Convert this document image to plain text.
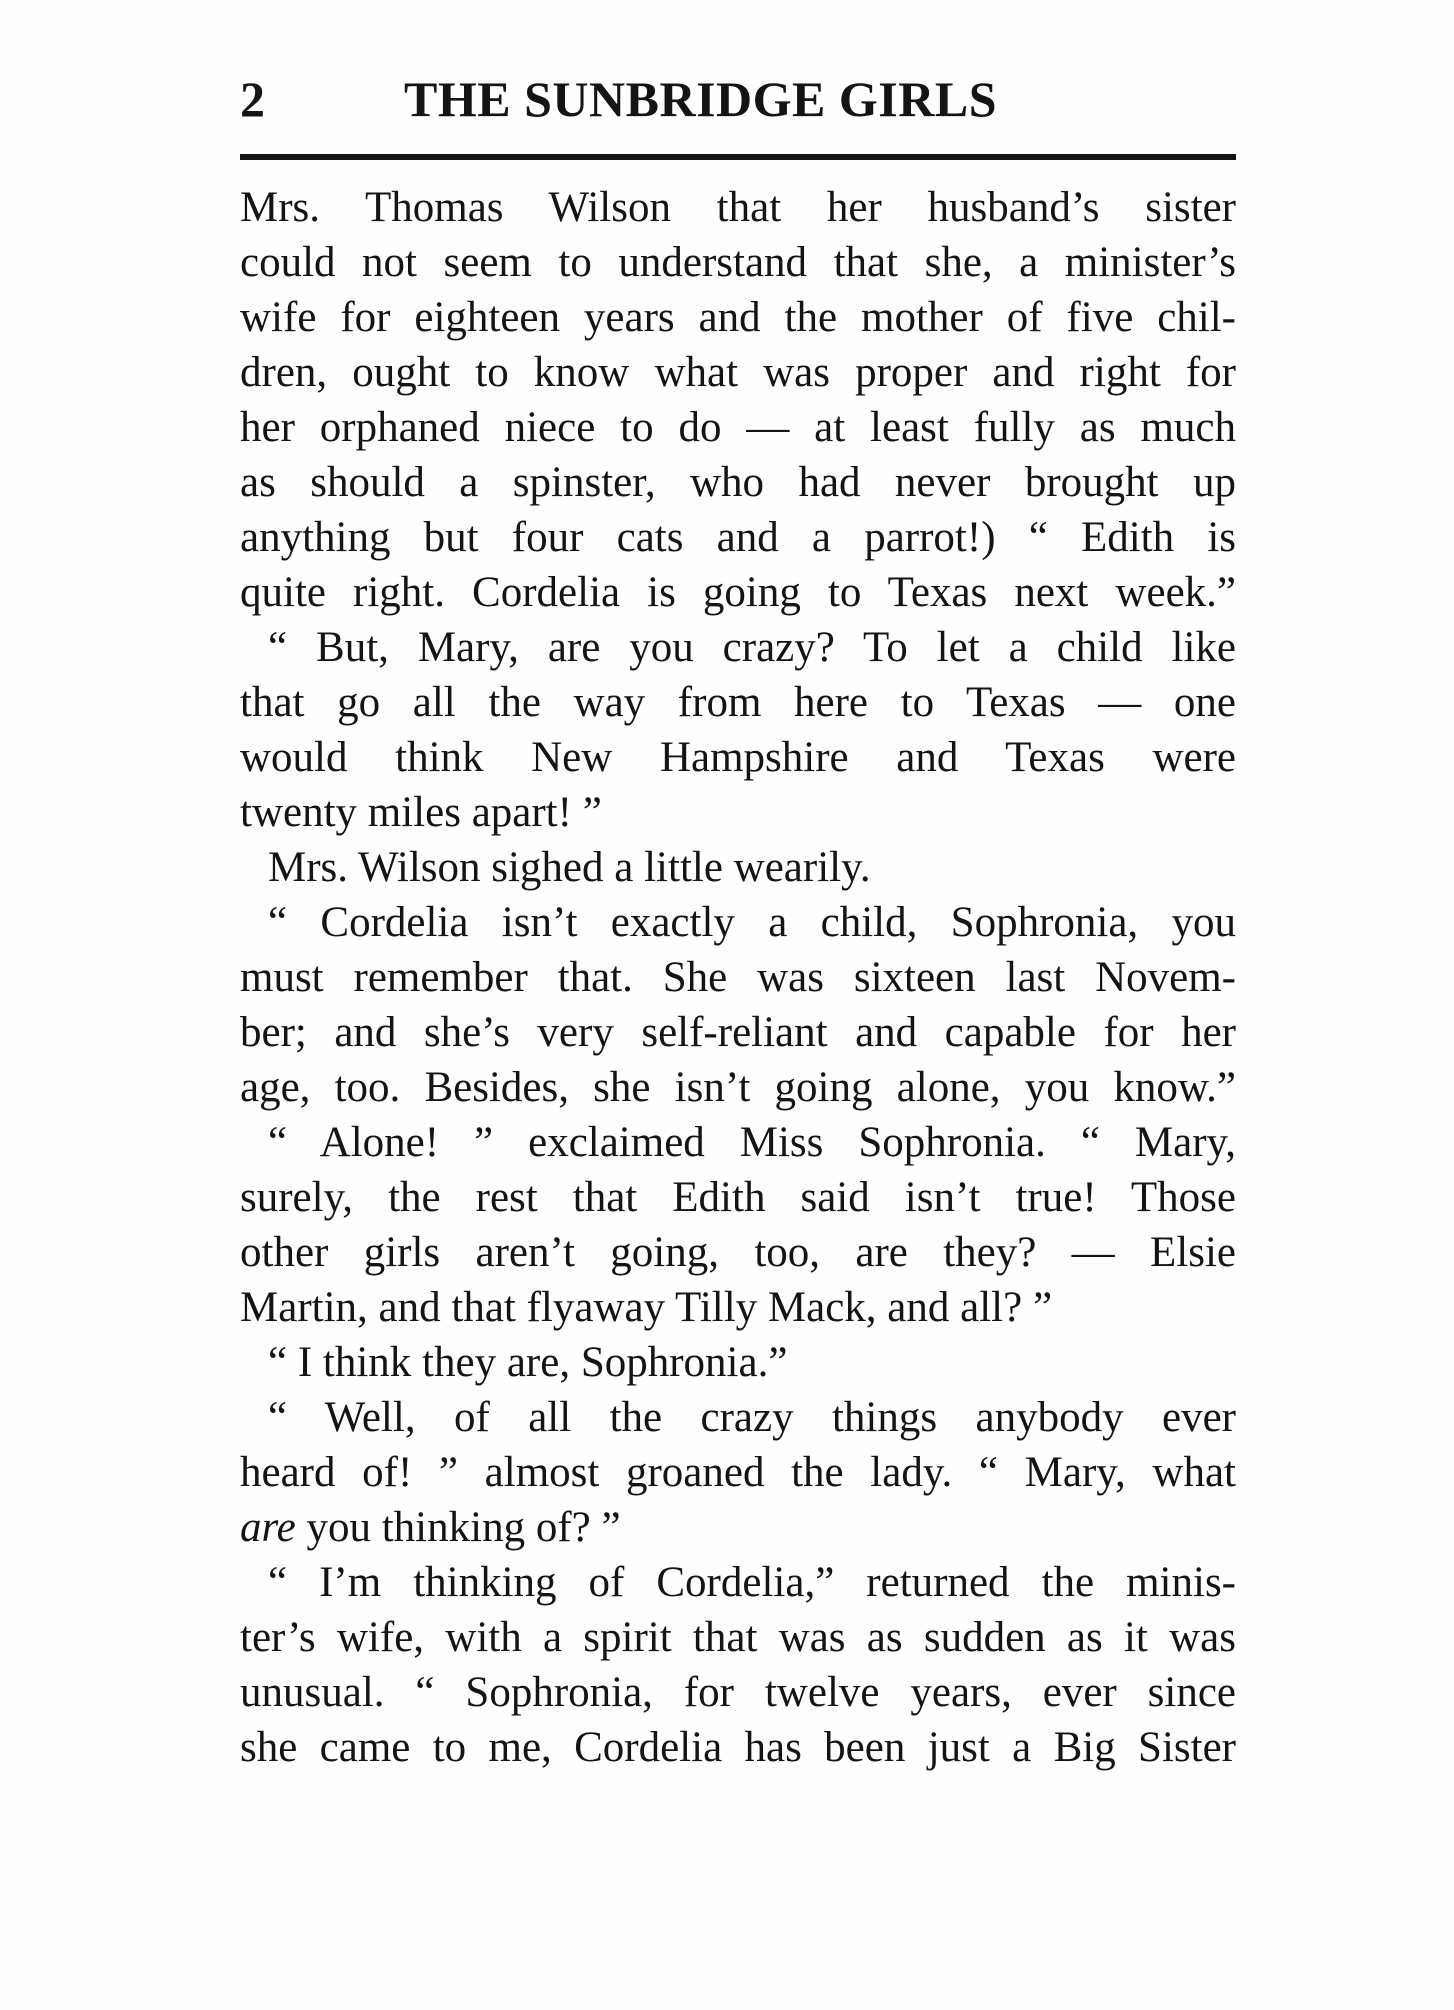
2	THE SUNBRIDGE GIRLS
Mrs. Thomas Wilson that her husband’s sister
could not seem to understand that she, a minister’s
wife for eighteen years and the mother of five chil-
dren, ought to know what was proper and right for
her orphaned niece to do — at least fully as much
as should a spinster, who had never brought up
anything but four cats and a parrot!) “ Edith is
quite right. Cordelia is going to Texas next week.”
“ But, Mary, are you crazy? To let a child like
that go all the way from here to Texas — one
would think New Hampshire and Texas were
twenty miles apart! ”
Mrs. Wilson sighed a little wearily.
“ Cordelia isn’t exactly a child, Sophronia, you
must remember that. She was sixteen last Novem-
ber; and she’s very self-reliant and capable for her
age, too. Besides, she isn’t going alone, you know.”
“ Alone! ” exclaimed Miss Sophronia. “ Mary,
surely, the rest that Edith said isn’t true! Those
other girls aren’t going, too, are they? — Elsie
Martin, and that flyaway Tilly Mack, and all? ”
“ I think they are, Sophronia.”
“ Well, of all the crazy things anybody ever
heard of! ” almost groaned the lady. “ Mary, what
are you thinking of? ”
“ I’m thinking of Cordelia,” returned the minis-
ter’s wife, with a spirit that was as sudden as it was
unusual. “ Sophronia, for twelve years, ever since
she came to me, Cordelia has been just a Big Sister
